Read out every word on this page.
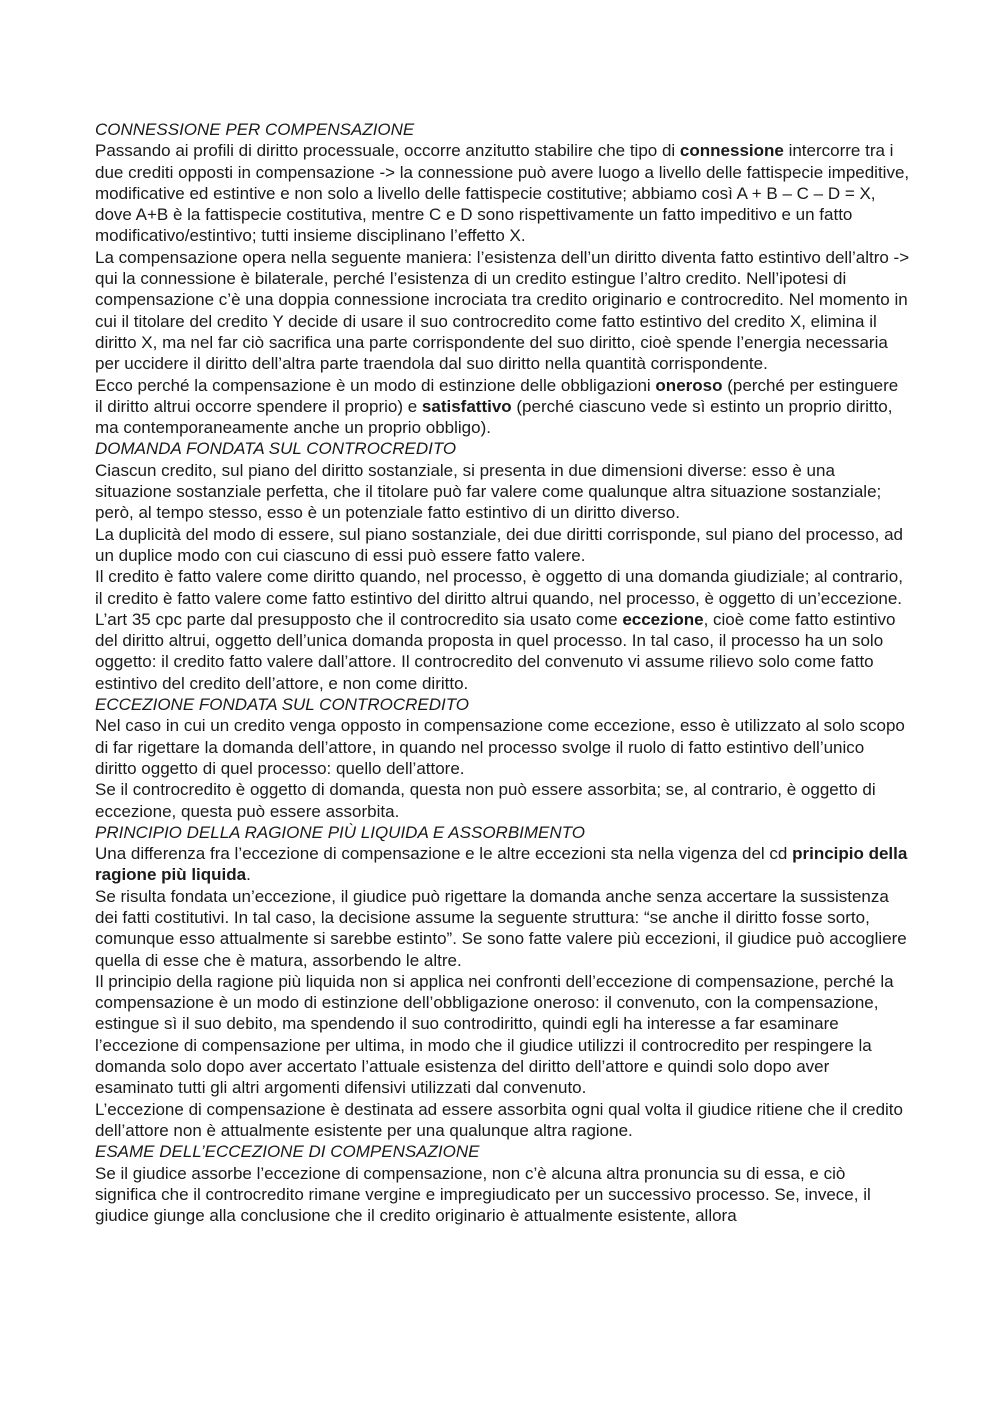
CONNESSIONE PER COMPENSAZIONE

Passando ai profili di diritto processuale, occorre anzitutto stabilire che tipo di connessione intercorre tra i due crediti opposti in compensazione -> la connessione può avere luogo a livello delle fattispecie impeditive, modificative ed estintive e non solo a livello delle fattispecie costitutive; abbiamo così A + B – C – D = X, dove A+B è la fattispecie costitutiva, mentre C e D sono rispettivamente un fatto impeditivo e un fatto modificativo/estintivo; tutti insieme disciplinano l’effetto X.

La compensazione opera nella seguente maniera: l’esistenza dell’un diritto diventa fatto estintivo dell’altro -> qui la connessione è bilaterale, perché l’esistenza di un credito estingue l’altro credito. Nell’ipotesi di compensazione c’è una doppia connessione incrociata tra credito originario e controcredito. Nel momento in cui il titolare del credito Y decide di usare il suo controcredito come fatto estintivo del credito X, elimina il diritto X, ma nel far ciò sacrifica una parte corrispondente del suo diritto, cioè spende l’energia necessaria per uccidere il diritto dell’altra parte traendola dal suo diritto nella quantità corrispondente.

Ecco perché la compensazione è un modo di estinzione delle obbligazioni oneroso (perché per estinguere il diritto altrui occorre spendere il proprio) e satisfattivo (perché ciascuno vede sì estinto un proprio diritto, ma contemporaneamente anche un proprio obbligo).

DOMANDA FONDATA SUL CONTROCREDITO

Ciascun credito, sul piano del diritto sostanziale, si presenta in due dimensioni diverse: esso è una situazione sostanziale perfetta, che il titolare può far valere come qualunque altra situazione sostanziale; però, al tempo stesso, esso è un potenziale fatto estintivo di un diritto diverso.

La duplicità del modo di essere, sul piano sostanziale, dei due diritti corrisponde, sul piano del processo, ad un duplice modo con cui ciascuno di essi può essere fatto valere.

Il credito è fatto valere come diritto quando, nel processo, è oggetto di una domanda giudiziale; al contrario, il credito è fatto valere come fatto estintivo del diritto altrui quando, nel processo, è oggetto di un’eccezione.

L’art 35 cpc parte dal presupposto che il controcredito sia usato come eccezione, cioè come fatto estintivo del diritto altrui, oggetto dell’unica domanda proposta in quel processo. In tal caso, il processo ha un solo oggetto: il credito fatto valere dall’attore. Il controcredito del convenuto vi assume rilievo solo come fatto estintivo del credito dell’attore, e non come diritto.

ECCEZIONE FONDATA SUL CONTROCREDITO

Nel caso in cui un credito venga opposto in compensazione come eccezione, esso è utilizzato al solo scopo di far rigettare la domanda dell’attore, in quando nel processo svolge il ruolo di fatto estintivo dell’unico diritto oggetto di quel processo: quello dell’attore.

Se il controcredito è oggetto di domanda, questa non può essere assorbita; se, al contrario, è oggetto di eccezione, questa può essere assorbita.

PRINCIPIO DELLA RAGIONE PIÙ LIQUIDA E ASSORBIMENTO

Una differenza fra l’eccezione di compensazione e le altre eccezioni sta nella vigenza del cd principio della ragione più liquida.

Se risulta fondata un’eccezione, il giudice può rigettare la domanda anche senza accertare la sussistenza dei fatti costitutivi. In tal caso, la decisione assume la seguente struttura: “se anche il diritto fosse sorto, comunque esso attualmente si sarebbe estinto”. Se sono fatte valere più eccezioni, il giudice può accogliere quella di esse che è matura, assorbendo le altre.

Il principio della ragione più liquida non si applica nei confronti dell’eccezione di compensazione, perché la compensazione è un modo di estinzione dell’obbligazione oneroso: il convenuto, con la compensazione, estingue sì il suo debito, ma spendendo il suo controdiritto, quindi egli ha interesse a far esaminare l’eccezione di compensazione per ultima, in modo che il giudice utilizzi il controcredito per respingere la domanda solo dopo aver accertato l’attuale esistenza del diritto dell’attore e quindi solo dopo aver esaminato tutti gli altri argomenti difensivi utilizzati dal convenuto.

L’eccezione di compensazione è destinata ad essere assorbita ogni qual volta il giudice ritiene che il credito dell’attore non è attualmente esistente per una qualunque altra ragione.

ESAME DELL’ECCEZIONE DI COMPENSAZIONE

Se il giudice assorbe l’eccezione di compensazione, non c’è alcuna altra pronuncia su di essa, e ciò significa che il controcredito rimane vergine e impregiudicato per un successivo processo. Se, invece, il giudice giunge alla conclusione che il credito originario è attualmente esistente, allora
